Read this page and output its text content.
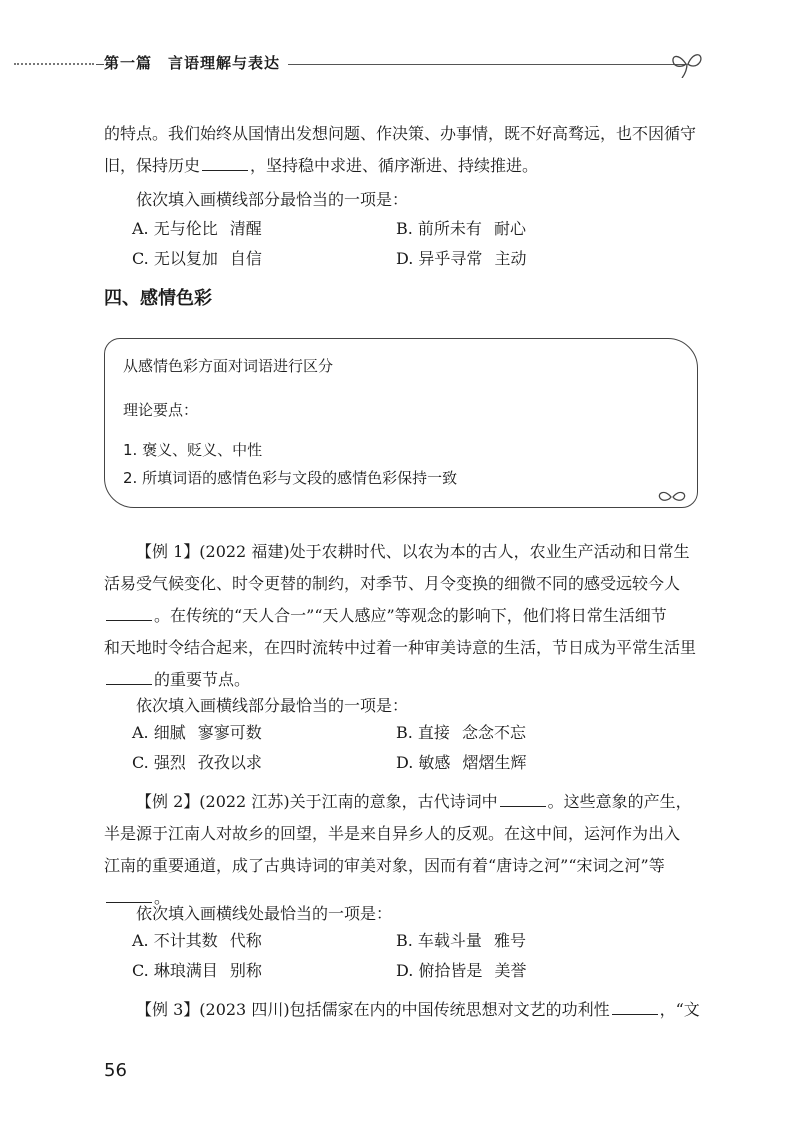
第一篇 言语理解与表达
的特点。我们始终从国情出发想问题、作决策、办事情，既不好高骛远，也不因循守
旧，保持历史	，坚持稳中求进、循序渐进、持续推进。
依次填入画横线部分最恰当的一项是：
A. 无与伦比 清醒	B. 前所未有 耐心
C. 无以复加 自信	D. 异乎寻常 主动
四、感情色彩
从感情色彩方面对词语进行区分
理论要点：
1. 褒义、贬义、中性
2. 所填词语的感情色彩与文段的感情色彩保持一致
【例 1】(2022 福建)处于农耕时代、以农为本的古人，农业生产活动和日常生
活易受气候变化、时令更替的制约，对季节、月令变换的细微不同的感受远较今人
。在传统的“天人合一”“天人感应”等观念的影响下，他们将日常生活细节
和天地时令结合起来，在四时流转中过着一种审美诗意的生活，节日成为平常生活里
的重要节点。
依次填入画横线部分最恰当的一项是：
A. 细腻 寥寥可数	B. 直接 念念不忘
C. 强烈 孜孜以求	D. 敏感 熠熠生辉
【例 2】(2022 江苏)关于江南的意象，古代诗词中	。这些意象的产生，
半是源于江南人对故乡的回望，半是来自异乡人的反观。在这中间，运河作为出入
江南的重要通道，成了古典诗词的审美对象，因而有着“唐诗之河”“宋词之河”等
。
依次填入画横线处最恰当的一项是：
A. 不计其数 代称	B. 车载斗量 雅号
C. 琳琅满目 别称	D. 俯拾皆是 美誉
【例 3】(2023 四川)包括儒家在内的中国传统思想对文艺的功利性	，“文
56
